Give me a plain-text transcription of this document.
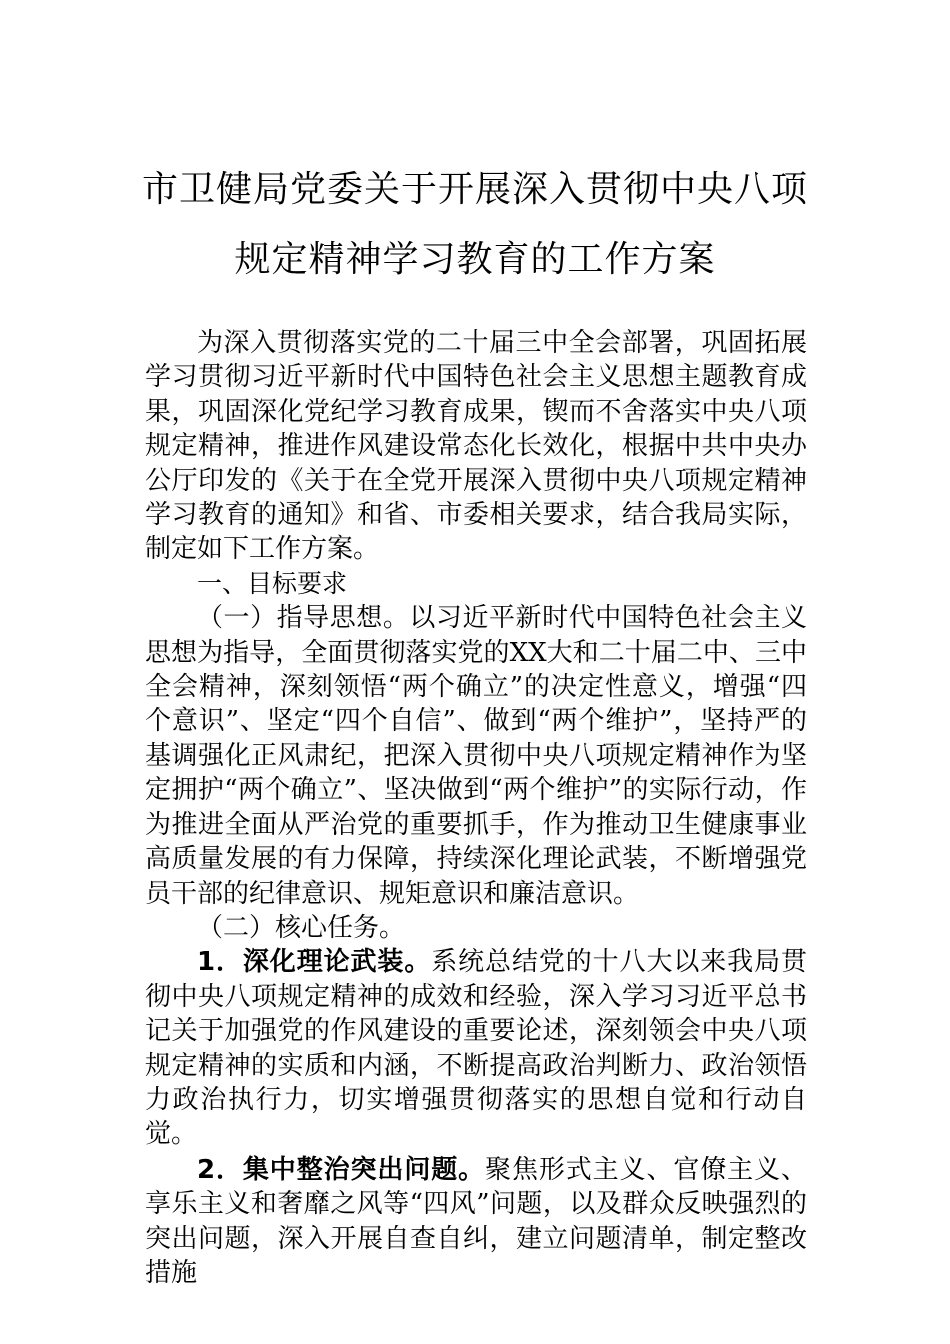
市卫健局党委关于开展深入贯彻中央八项
规定精神学习教育的工作方案

为深入贯彻落实党的二十届三中全会部署，巩固拓展学习贯彻习近平新时代中国特色社会主义思想主题教育成果，巩固深化党纪学习教育成果，锲而不舍落实中央八项规定精神，推进作风建设常态化长效化，根据中共中央办公厅印发的《关于在全党开展深入贯彻中央八项规定精神学习教育的通知》和省、市委相关要求，结合我局实际，制定如下工作方案。

一、目标要求

（一）指导思想。以习近平新时代中国特色社会主义思想为指导，全面贯彻落实党的XX大和二十届二中、三中全会精神，深刻领悟“两个确立”的决定性意义，增强“四个意识”、坚定“四个自信”、做到“两个维护”，坚持严的基调强化正风肃纪，把深入贯彻中央八项规定精神作为坚定拥护“两个确立”、坚决做到“两个维护”的实际行动，作为推进全面从严治党的重要抓手，作为推动卫生健康事业高质量发展的有力保障，持续深化理论武装，不断增强党员干部的纪律意识、规矩意识和廉洁意识。

（二）核心任务。

1．深化理论武装。系统总结党的十八大以来我局贯彻中央八项规定精神的成效和经验，深入学习习近平总书记关于加强党的作风建设的重要论述，深刻领会中央八项规定精神的实质和内涵，不断提高政治判断力、政治领悟力政治执行力，切实增强贯彻落实的思想自觉和行动自觉。

2．集中整治突出问题。聚焦形式主义、官僚主义、享乐主义和奢靡之风等“四风”问题，以及群众反映强烈的突出问题，深入开展自查自纠，建立问题清单，制定整改措施
